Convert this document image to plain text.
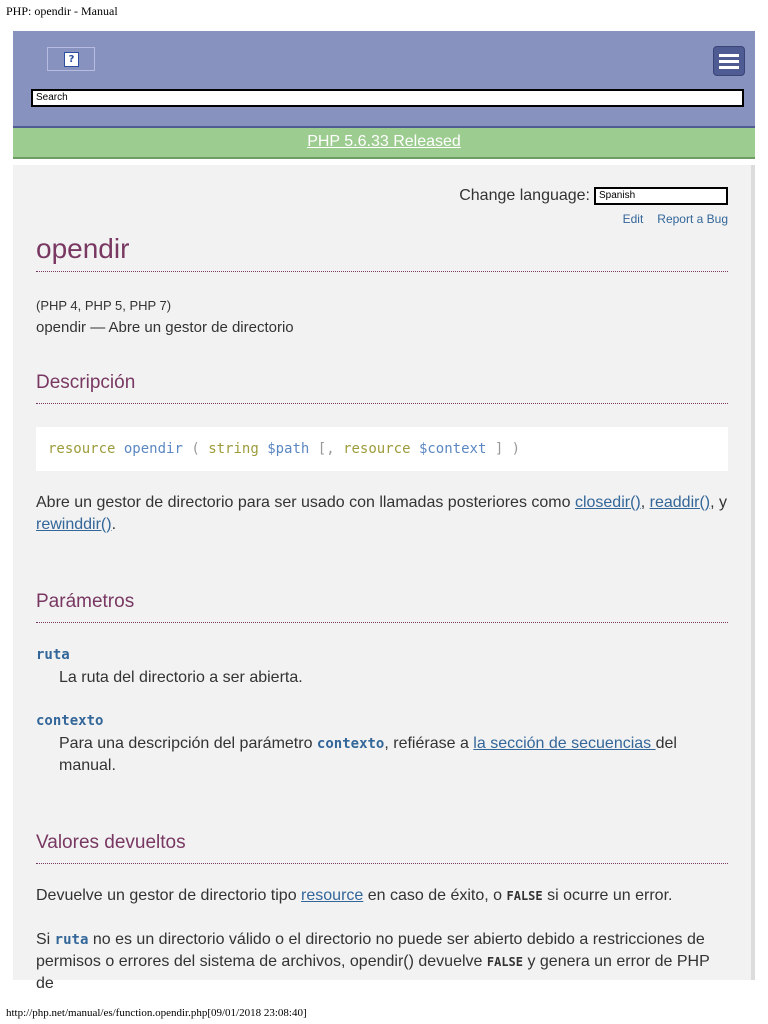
PHP: opendir - Manual
?
Search
PHP 5.6.33 Released
Change language: Spanish
Edit Report a Bug
opendir
(PHP 4, PHP 5, PHP 7)
opendir — Abre un gestor de directorio
Descripción
resource opendir ( string $path [, resource $context ] )
Abre un gestor de directorio para ser usado con llamadas posteriores como closedir(), readdir(), y rewinddir().
Parámetros
ruta
La ruta del directorio a ser abierta.
contexto
Para una descripción del parámetro contexto, refiérase a la sección de secuencias del manual.
Valores devueltos
Devuelve un gestor de directorio tipo resource en caso de éxito, o FALSE si ocurre un error.
Si ruta no es un directorio válido o el directorio no puede ser abierto debido a restricciones de permisos o errores del sistema de archivos, opendir() devuelve FALSE y genera un error de PHP de
http://php.net/manual/es/function.opendir.php[09/01/2018 23:08:40]
